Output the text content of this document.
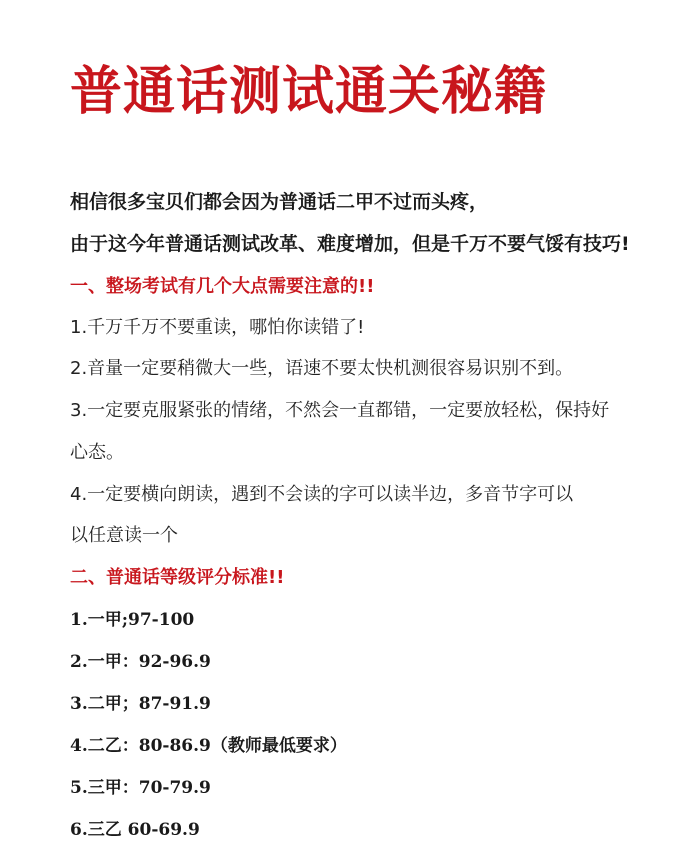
普通话测试通关秘籍
相信很多宝贝们都会因为普通话二甲不过而头疼，
由于这今年普通话测试改革、难度增加，但是千万不要气馁有技巧!
一、整场考试有几个大点需要注意的!!
1.千万千万不要重读，哪怕你读错了!
2.音量一定要稍微大一些，语速不要太快机测很容易识别不到。
3.一定要克服紧张的情绪，不然会一直都错，一定要放轻松，保持好
心态。
4.一定要横向朗读，遇到不会读的字可以读半边，多音节字可以
以任意读一个
二、普通话等级评分标准!!
1.一甲;97-100
2.一甲：92-96.9
3.二甲；87-91.9
4.二乙：80-86.9（教师最低要求）
5.三甲：70-79.9
6.三乙 60-69.9
